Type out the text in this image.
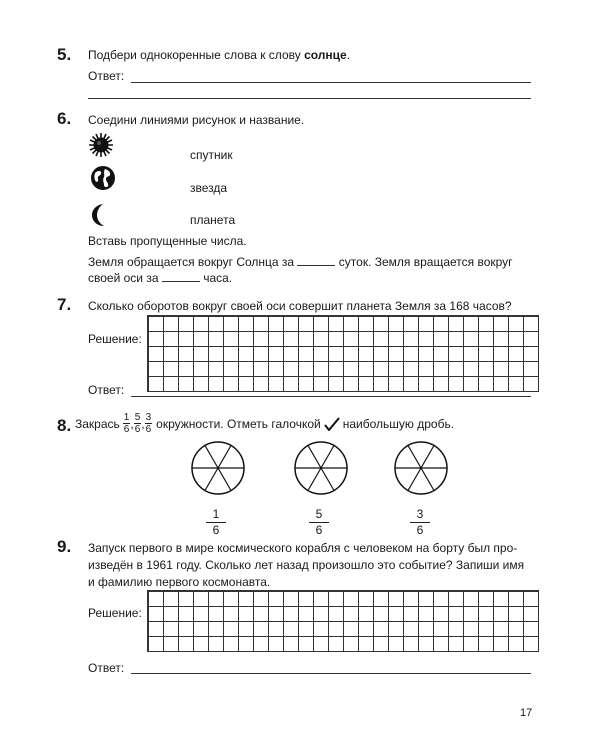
5. Подбери однокоренные слова к слову солнце.
Ответ:
6. Соедини линиями рисунок и название.
спутник
звезда
планета
Вставь пропущенные числа.
Земля обращается вокруг Солнца за	суток. Земля вращается вокруг
своей оси за	часа.
7. Сколько оборотов вокруг своей оси совершит планета Земля за 168 часов?
Решение:
Ответ:
8. Закрась $\frac{1}{6}$ , $\frac{5}{6}$ , $\frac{3}{6}$ окружности. Отметь галочкой наибольшую дробь.
$\frac{1}{6}$	$\frac{5}{6}$	$\frac{3}{6}$
9. Запуск первого в мире космического корабля с человеком на борту был про-
изведён в 1961 году. Сколько лет назад произошло это событие? Запиши имя
и фамилию первого космонавта.
Решение:
Ответ:
17
